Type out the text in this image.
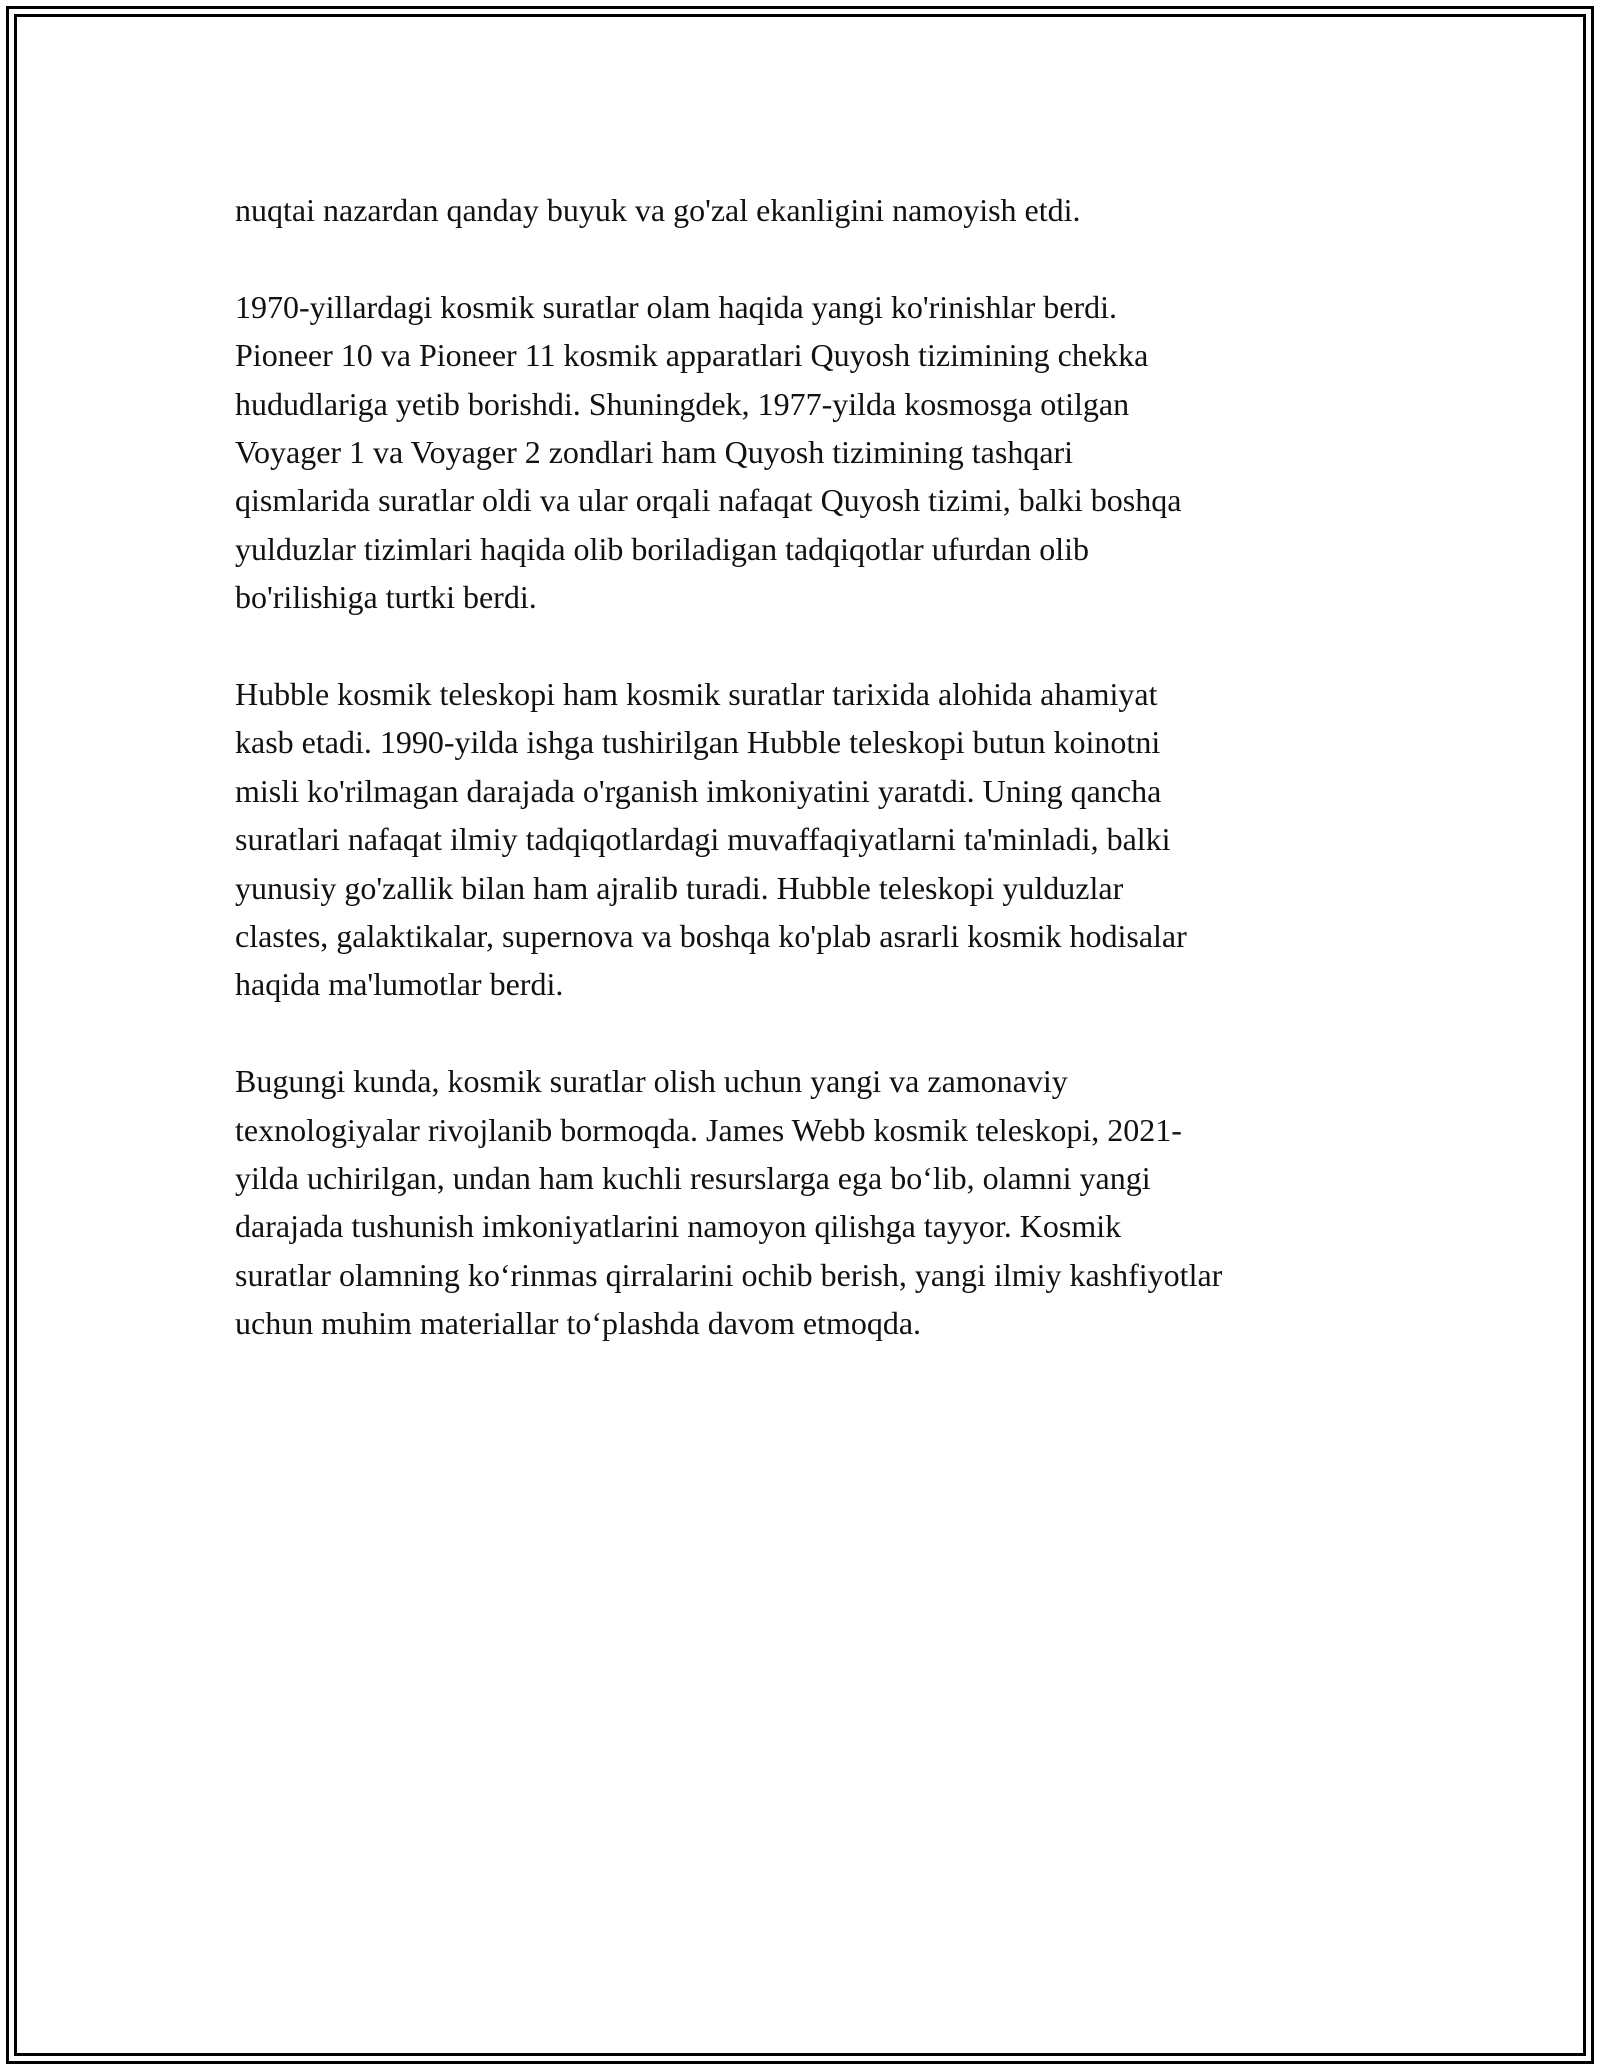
nuqtai nazardan qanday buyuk va go'zal ekanligini namoyish etdi.

1970-yillardagi kosmik suratlar olam haqida yangi ko'rinishlar berdi.
Pioneer 10 va Pioneer 11 kosmik apparatlari Quyosh tizimining chekka
hududlariga yetib borishdi. Shuningdek, 1977-yilda kosmosga otilgan
Voyager 1 va Voyager 2 zondlari ham Quyosh tizimining tashqari
qismlarida suratlar oldi va ular orqali nafaqat Quyosh tizimi, balki boshqa
yulduzlar tizimlari haqida olib boriladigan tadqiqotlar ufurdan olib
bo'rilishiga turtki berdi.

Hubble kosmik teleskopi ham kosmik suratlar tarixida alohida ahamiyat
kasb etadi. 1990-yilda ishga tushirilgan Hubble teleskopi butun koinotni
misli ko'rilmagan darajada o'rganish imkoniyatini yaratdi. Uning qancha
suratlari nafaqat ilmiy tadqiqotlardagi muvaffaqiyatlarni ta'minladi, balki
yunusiy go'zallik bilan ham ajralib turadi. Hubble teleskopi yulduzlar
clastes, galaktikalar, supernova va boshqa ko'plab asrarli kosmik hodisalar
haqida ma'lumotlar berdi.

Bugungi kunda, kosmik suratlar olish uchun yangi va zamonaviy
texnologiyalar rivojlanib bormoqda. James Webb kosmik teleskopi, 2021-
yilda uchirilgan, undan ham kuchli resurslarga ega bo‘lib, olamni yangi
darajada tushunish imkoniyatlarini namoyon qilishga tayyor. Kosmik
suratlar olamning ko‘rinmas qirralarini ochib berish, yangi ilmiy kashfiyotlar
uchun muhim materiallar to‘plashda davom etmoqda.
